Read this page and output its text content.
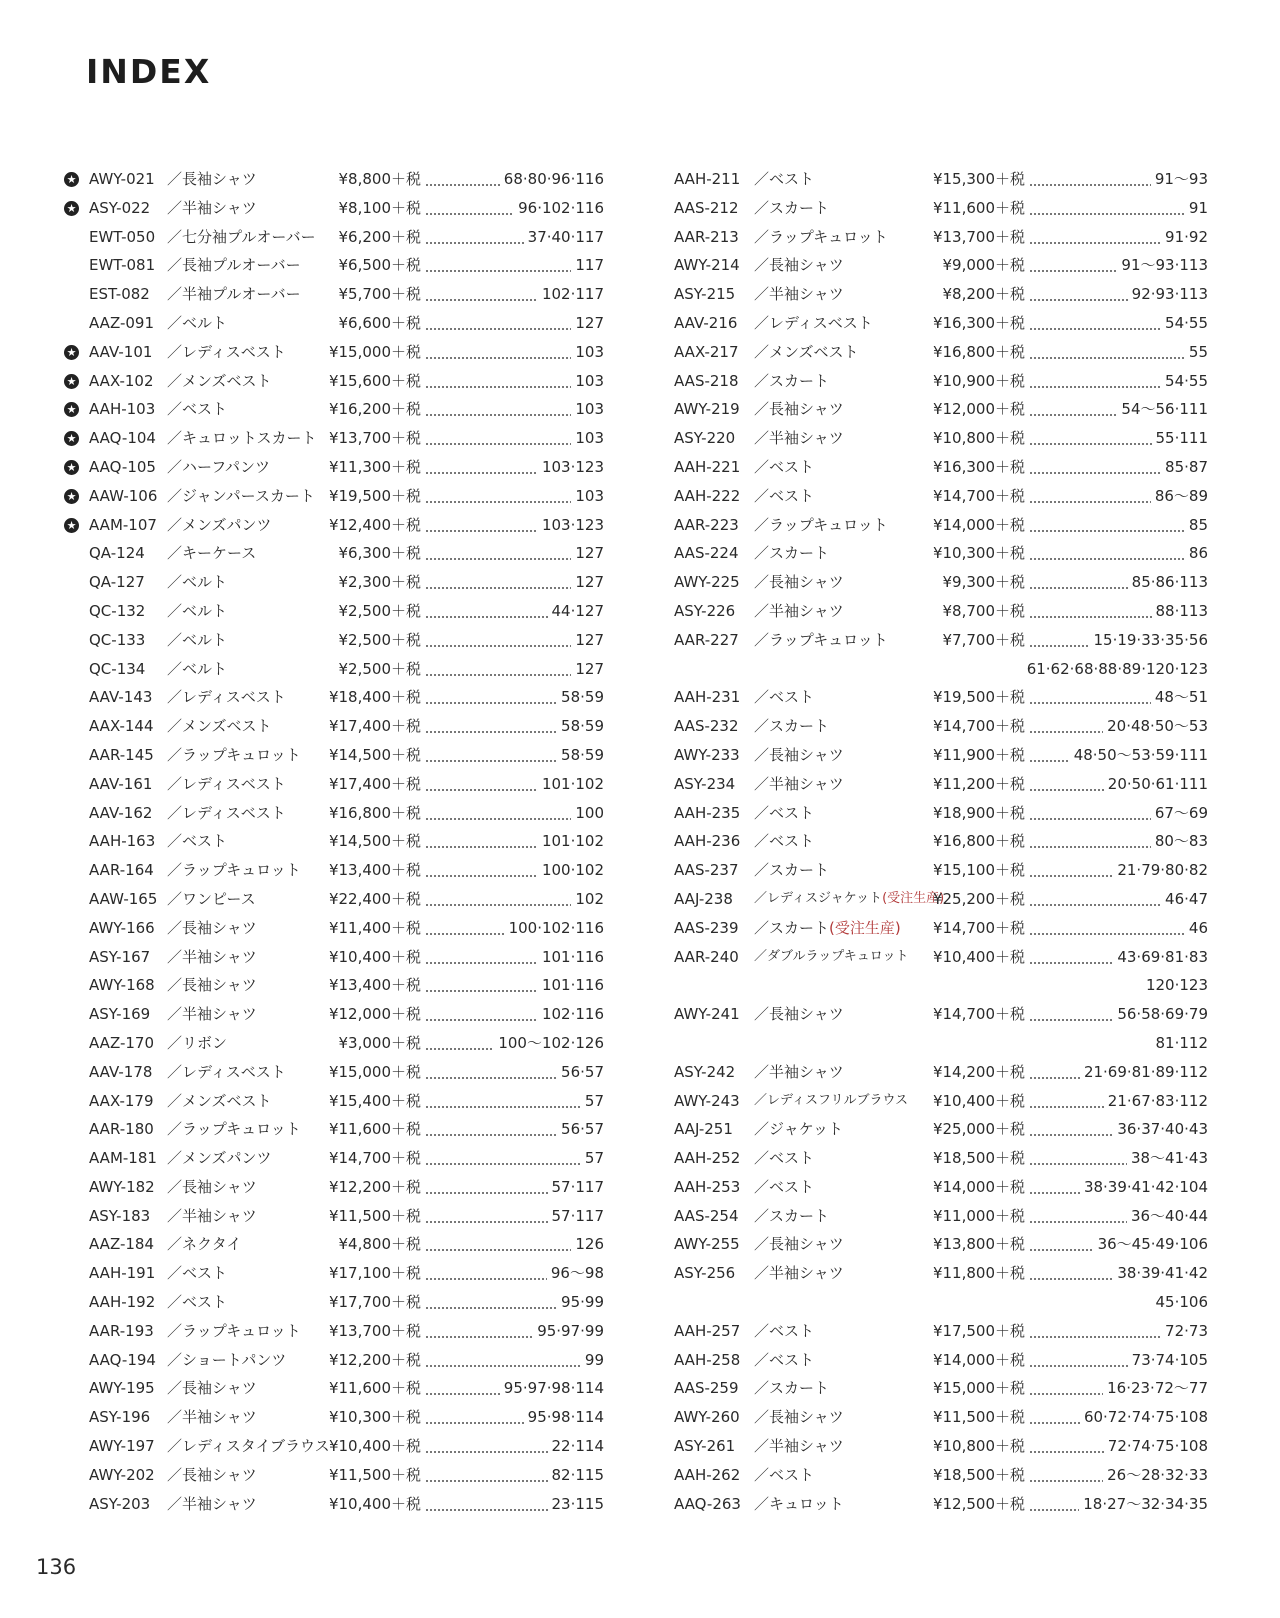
INDEX
★ AWY-021 ／長袖シャツ	¥8,800＋税	68·80·96·116
★ ASY-022 ／半袖シャツ	¥8,100＋税	96·102·116
EWT-050 ／七分袖プルオーバー ¥6,200＋税	37·40·117
EWT-081 ／長袖プルオーバー	¥6,500＋税	117
EST-082 ／半袖プルオーバー	¥5,700＋税	102·117
AAZ-091 ／ベルト	¥6,600＋税	127
★ AAV-101 ／レディスベスト	¥15,000＋税	103
★ AAX-102 ／メンズベスト	¥15,600＋税	103
★ AAH-103 ／ベスト	¥16,200＋税	103
★ AAQ-104 ／キュロットスカート ¥13,700＋税	103
★ AAQ-105 ／ハーフパンツ	¥11,300＋税	103·123
★ AAW-106 ／ジャンパースカート ¥19,500＋税	103
★ AAM-107 ／メンズパンツ	¥12,400＋税	103·123
QA-124 ／キーケース	¥6,300＋税	127
QA-127 ／ベルト	¥2,300＋税	127
QC-132 ／ベルト	¥2,500＋税	44·127
QC-133 ／ベルト	¥2,500＋税	127
QC-134 ／ベルト	¥2,500＋税	127
AAV-143 ／レディスベスト	¥18,400＋税	58·59
AAX-144 ／メンズベスト	¥17,400＋税	58·59
AAR-145 ／ラップキュロット ¥14,500＋税	58·59
AAV-161 ／レディスベスト	¥17,400＋税	101·102
AAV-162 ／レディスベスト	¥16,800＋税	100
AAH-163 ／ベスト	¥14,500＋税	101·102
AAR-164 ／ラップキュロット ¥13,400＋税	100·102
AAW-165 ／ワンピース	¥22,400＋税	102
AWY-166 ／長袖シャツ	¥11,400＋税	100·102·116
ASY-167 ／半袖シャツ	¥10,400＋税	101·116
AWY-168 ／長袖シャツ	¥13,400＋税	101·116
ASY-169 ／半袖シャツ	¥12,000＋税	102·116
AAZ-170 ／リボン	¥3,000＋税	100〜102·126
AAV-178 ／レディスベスト	¥15,000＋税	56·57
AAX-179 ／メンズベスト	¥15,400＋税	57
AAR-180 ／ラップキュロット ¥11,600＋税	56·57
AAM-181 ／メンズパンツ	¥14,700＋税	57
AWY-182 ／長袖シャツ	¥12,200＋税	57·117
ASY-183 ／半袖シャツ	¥11,500＋税	57·117
AAZ-184 ／ネクタイ	¥4,800＋税	126
AAH-191 ／ベスト	¥17,100＋税	96〜98
AAH-192 ／ベスト	¥17,700＋税	95·99
AAR-193 ／ラップキュロット ¥13,700＋税	95·97·99
AAQ-194 ／ショートパンツ	¥12,200＋税	99
AWY-195 ／長袖シャツ	¥11,600＋税	95·97·98·114
ASY-196 ／半袖シャツ	¥10,300＋税	95·98·114
AWY-197 ／レディスタイブラウス ¥10,400＋税	22·114
AWY-202 ／長袖シャツ	¥11,500＋税	82·115
ASY-203 ／半袖シャツ	¥10,400＋税	23·115
AAH-211 ／ベスト	¥15,300＋税	91〜93
AAS-212 ／スカート	¥11,600＋税	91
AAR-213 ／ラップキュロット	¥13,700＋税	91·92
AWY-214 ／長袖シャツ	¥9,000＋税	91〜93·113
ASY-215 ／半袖シャツ	¥8,200＋税	92·93·113
AAV-216 ／レディスベスト	¥16,300＋税	54·55
AAX-217 ／メンズベスト	¥16,800＋税	55
AAS-218 ／スカート	¥10,900＋税	54·55
AWY-219 ／長袖シャツ	¥12,000＋税	54〜56·111
ASY-220 ／半袖シャツ	¥10,800＋税	55·111
AAH-221 ／ベスト	¥16,300＋税	85·87
AAH-222 ／ベスト	¥14,700＋税	86〜89
AAR-223 ／ラップキュロット	¥14,000＋税	85
AAS-224 ／スカート	¥10,300＋税	86
AWY-225 ／長袖シャツ	¥9,300＋税	85·86·113
ASY-226 ／半袖シャツ	¥8,700＋税	88·113
AAR-227 ／ラップキュロット	¥7,700＋税	15·19·33·35·56
61·62·68·88·89·120·123
AAH-231 ／ベスト	¥19,500＋税	48〜51
AAS-232 ／スカート	¥14,700＋税	20·48·50〜53
AWY-233 ／長袖シャツ	¥11,900＋税	48·50〜53·59·111
ASY-234 ／半袖シャツ	¥11,200＋税	20·50·61·111
AAH-235 ／ベスト	¥18,900＋税	67〜69
AAH-236 ／ベスト	¥16,800＋税	80〜83
AAS-237 ／スカート	¥15,100＋税	21·79·80·82
AAJ-238 ／レディスジャケット(受注生産)
¥25,200＋税	46·47
AAS-239 ／スカート(受注生産) ¥14,700＋税	46
AAR-240 ／ダブルラップキュロット ¥10,400＋税	43·69·81·83
120·123
AWY-241 ／長袖シャツ	¥14,700＋税	56·58·69·79
81·112
ASY-242 ／半袖シャツ	¥14,200＋税	21·69·81·89·112
AWY-243 ／レディスフリルブラウス ¥10,400＋税	21·67·83·112
AAJ-251 ／ジャケット	¥25,000＋税	36·37·40·43
AAH-252 ／ベスト	¥18,500＋税	38〜41·43
AAH-253 ／ベスト	¥14,000＋税	38·39·41·42·104
AAS-254 ／スカート	¥11,000＋税	36〜40·44
AWY-255 ／長袖シャツ	¥13,800＋税	36〜45·49·106
ASY-256 ／半袖シャツ	¥11,800＋税	38·39·41·42
45·106
AAH-257 ／ベスト	¥17,500＋税	72·73
AAH-258 ／ベスト	¥14,000＋税	73·74·105
AAS-259 ／スカート	¥15,000＋税	16·23·72〜77
AWY-260 ／長袖シャツ	¥11,500＋税	60·72·74·75·108
ASY-261 ／半袖シャツ	¥10,800＋税	72·74·75·108
AAH-262 ／ベスト	¥18,500＋税	26〜28·32·33
AAQ-263 ／キュロット	¥12,500＋税	18·27〜32·34·35
136
